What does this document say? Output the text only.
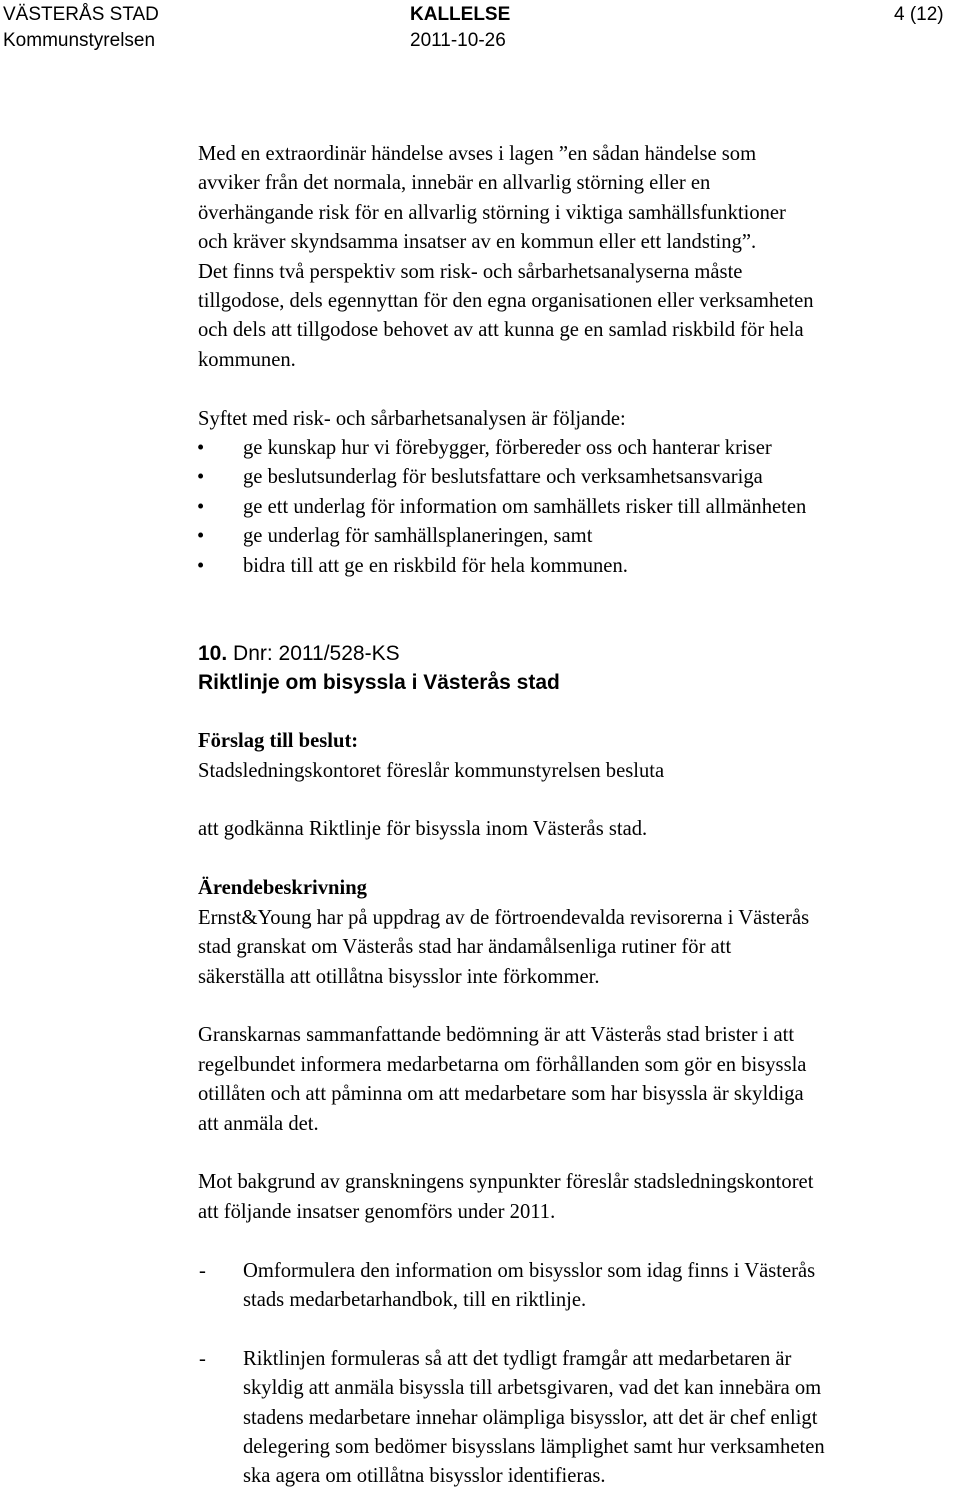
VÄSTERÅS STAD
Kommunstyrelsen
KALLELSE
2011-10-26
4 (12)
Med en extraordinär händelse avses i lagen ”en sådan händelse som
avviker från det normala, innebär en allvarlig störning eller en
överhängande risk för en allvarlig störning i viktiga samhällsfunktioner
och kräver skyndsamma insatser av en kommun eller ett landsting”.
Det finns två perspektiv som risk- och sårbarhetsanalyserna måste
tillgodose, dels egennyttan för den egna organisationen eller verksamheten
och dels att tillgodose behovet av att kunna ge en samlad riskbild för hela
kommunen.
Syftet med risk- och sårbarhetsanalysen är följande:
• ge kunskap hur vi förebygger, förbereder oss och hanterar kriser
• ge beslutsunderlag för beslutsfattare och verksamhetsansvariga
• ge ett underlag för information om samhällets risker till allmänheten
• ge underlag för samhällsplaneringen, samt
• bidra till att ge en riskbild för hela kommunen.
10. Dnr: 2011/528-KS
Riktlinje om bisyssla i Västerås stad
Förslag till beslut:
Stadsledningskontoret föreslår kommunstyrelsen besluta
att godkänna Riktlinje för bisyssla inom Västerås stad.
Ärendebeskrivning
Ernst&Young har på uppdrag av de förtroendevalda revisorerna i Västerås
stad granskat om Västerås stad har ändamålsenliga rutiner för att
säkerställa att otillåtna bisysslor inte förkommer.
Granskarnas sammanfattande bedömning är att Västerås stad brister i att
regelbundet informera medarbetarna om förhållanden som gör en bisyssla
otillåten och att påminna om att medarbetare som har bisyssla är skyldiga
att anmäla det.
Mot bakgrund av granskningens synpunkter föreslår stadsledningskontoret
att följande insatser genomförs under 2011.
- Omformulera den information om bisysslor som idag finns i Västerås
stads medarbetarhandbok, till en riktlinje.
- Riktlinjen formuleras så att det tydligt framgår att medarbetaren är
skyldig att anmäla bisyssla till arbetsgivaren, vad det kan innebära om
stadens medarbetare innehar olämpliga bisysslor, att det är chef enligt
delegering som bedömer bisysslans lämplighet samt hur verksamheten
ska agera om otillåtna bisysslor identifieras.
